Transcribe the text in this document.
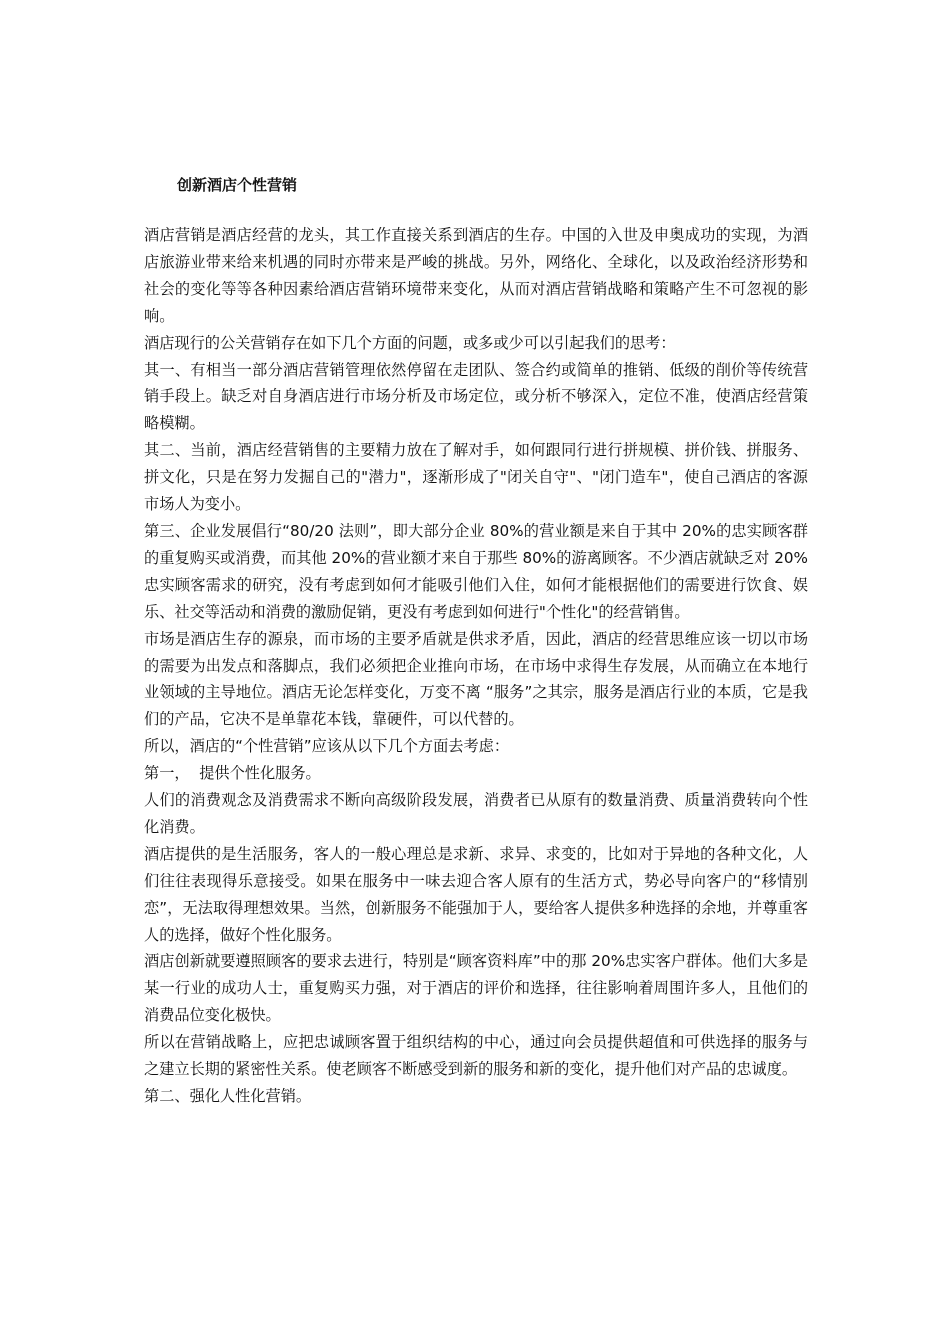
创新酒店个性营销

酒店营销是酒店经营的龙头，其工作直接关系到酒店的生存。中国的入世及申奥成功的实现，为酒店旅游业带来给来机遇的同时亦带来是严峻的挑战。另外，网络化、全球化，以及政治经济形势和社会的变化等等各种因素给酒店营销环境带来变化，从而对酒店营销战略和策略产生不可忽视的影响。

酒店现行的公关营销存在如下几个方面的问题，或多或少可以引起我们的思考：

其一、有相当一部分酒店营销管理依然停留在走团队、签合约或简单的推销、低级的削价等传统营销手段上。缺乏对自身酒店进行市场分析及市场定位，或分析不够深入，定位不准，使酒店经营策略模糊。

其二、当前，酒店经营销售的主要精力放在了解对手，如何跟同行进行拼规模、拼价钱、拼服务、拼文化，只是在努力发掘自己的"潜力"，逐渐形成了"闭关自守"、"闭门造车"，使自己酒店的客源市场人为变小。

第三、企业发展倡行“80/20 法则”，即大部分企业 80%的营业额是来自于其中 20%的忠实顾客群的重复购买或消费，而其他 20%的营业额才来自于那些 80%的游离顾客。不少酒店就缺乏对 20%忠实顾客需求的研究，没有考虑到如何才能吸引他们入住，如何才能根据他们的需要进行饮食、娱乐、社交等活动和消费的激励促销，更没有考虑到如何进行"个性化"的经营销售。

市场是酒店生存的源泉，而市场的主要矛盾就是供求矛盾，因此，酒店的经营思维应该一切以市场的需要为出发点和落脚点，我们必须把企业推向市场，在市场中求得生存发展，从而确立在本地行业领域的主导地位。酒店无论怎样变化，万变不离 “服务”之其宗，服务是酒店行业的本质，它是我们的产品，它决不是单靠花本钱，靠硬件，可以代替的。

所以，酒店的“个性营销”应该从以下几个方面去考虑：

第一，  提供个性化服务。

人们的消费观念及消费需求不断向高级阶段发展，消费者已从原有的数量消费、质量消费转向个性化消费。

酒店提供的是生活服务，客人的一般心理总是求新、求异、求变的，比如对于异地的各种文化，人们往往表现得乐意接受。如果在服务中一味去迎合客人原有的生活方式，势必导向客户的“移情别恋”，无法取得理想效果。当然，创新服务不能强加于人，要给客人提供多种选择的余地，并尊重客人的选择，做好个性化服务。

酒店创新就要遵照顾客的要求去进行，特别是“顾客资料库”中的那 20%忠实客户群体。他们大多是某一行业的成功人士，重复购买力强，对于酒店的评价和选择，往往影响着周围许多人，且他们的消费品位变化极快。

所以在营销战略上，应把忠诚顾客置于组织结构的中心，通过向会员提供超值和可供选择的服务与之建立长期的紧密性关系。使老顾客不断感受到新的服务和新的变化，提升他们对产品的忠诚度。

第二、强化人性化营销。
